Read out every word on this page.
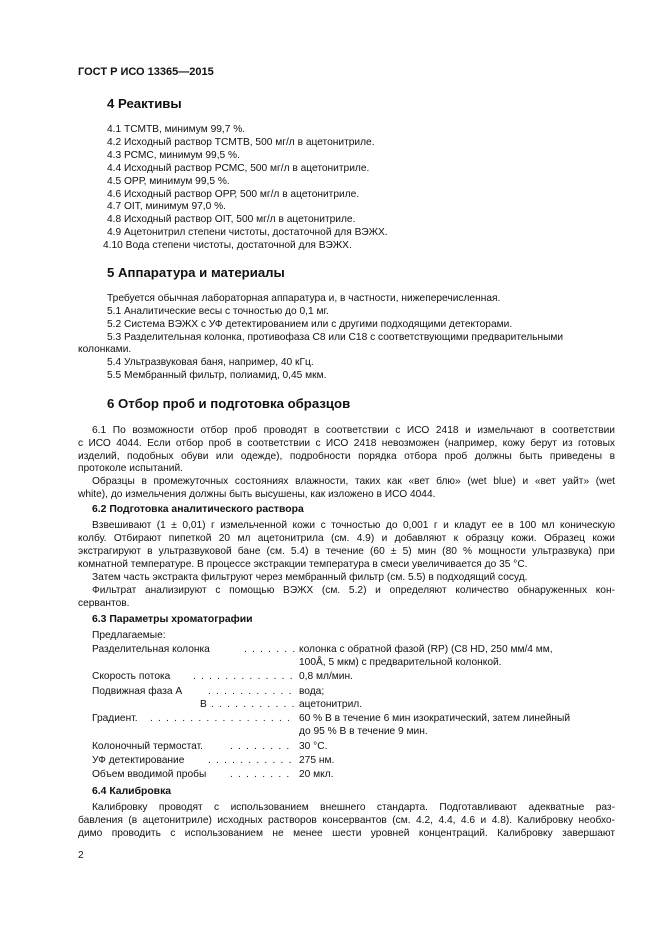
ГОСТ Р ИСО 13365—2015
4 Реактивы
4.1 ТСМТВ, минимум 99,7 %.
4.2 Исходный раствор ТСМТВ, 500 мг/л в ацетонитриле.
4.3 РСМС, минимум 99,5 %.
4.4 Исходный раствор РСМС, 500 мг/л в ацетонитриле.
4.5 ОРР, минимум 99,5 %.
4.6 Исходный раствор ОРР, 500 мг/л в ацетонитриле.
4.7 OIT, минимум 97,0 %.
4.8 Исходный раствор OIT, 500 мг/л в ацетонитриле.
4.9 Ацетонитрил степени чистоты, достаточной для ВЭЖХ.
4.10 Вода степени чистоты, достаточной для ВЭЖХ.
5 Аппаратура и материалы
Требуется обычная лабораторная аппаратура и, в частности, нижеперечисленная.
5.1 Аналитические весы с точностью до 0,1 мг.
5.2 Система ВЭЖХ с УФ детектированием или с другими подходящими детекторами.
5.3 Разделительная колонка, противофаза С8 или С18 с соответствующими предварительными
колонками.
5.4 Ультразвуковая баня, например, 40 кГц.
5.5 Мембранный фильтр, полиамид, 0,45 мкм.
6 Отбор проб и подготовка образцов
6.1 По возможности отбор проб проводят в соответствии с ИСО 2418 и измельчают в соответствии
с ИСО 4044. Если отбор проб в соответствии с ИСО 2418 невозможен (например, кожу берут из готовых
изделий, подобных обуви или одежде), подробности порядка отбора проб должны быть приведены в
протоколе испытаний.
Образцы в промежуточных состояниях влажности, таких как «вет блю» (wet blue) и «вет уайт» (wet
white), до измельчения должны быть высушены, как изложено в ИСО 4044.
6.2 Подготовка аналитического раствора
Взвешивают (1 ± 0,01) г измельченной кожи с точностью до 0,001 г и кладут ее в 100 мл коническую
колбу. Отбирают пипеткой 20 мл ацетонитрила (см. 4.9) и добавляют к образцу кожи. Образец кожи
экстрагируют в ультразвуковой бане (см. 5.4) в течение (60 ± 5) мин (80 % мощности ультразвука) при
комнатной температуре. В процессе экстракции температура в смеси увеличивается до 35 °С.
Затем часть экстракта фильтруют через мембранный фильтр (см. 5.5) в подходящий сосуд.
Фильтрат анализируют с помощью ВЭЖХ (см. 5.2) и определяют количество обнаруженных кон-
сервантов.
6.3 Параметры хроматографии
Предлагаемые:
Разделительная колонка	. . . . . . . колонка с обратной фазой (RP) (C8 HD, 250 мм/4 мм,
100Å, 5 мкм) с предварительной колонкой.
Скорость потока . . . . . . . . . . . . . 0,8 мл/мин.
Подвижная фаза А	. . . . . . . . . . . вода;
В . . . . . . . . . . . ацетонитрил.
Градиент. . . . . . . . . . . . . . . . . . . 60 % В в течение 6 мин изократический, затем линейный
до 95 % В в течение 9 мин.
Колоночный термостат.	. . . . . . . . 30 °С.
УФ детектирование . . . . . . . . . . . 275 нм.
Объем вводимой пробы . . . . . . . . 20 мкл.
6.4 Калибровка
Калибровку проводят с использованием внешнего стандарта. Подготавливают адекватные раз-
бавления (в ацетонитриле) исходных растворов консервантов (см. 4.2, 4.4, 4.6 и 4.8). Калибровку необхо-
димо проводить с использованием не менее шести уровней концентраций. Калибровку завершают
2
